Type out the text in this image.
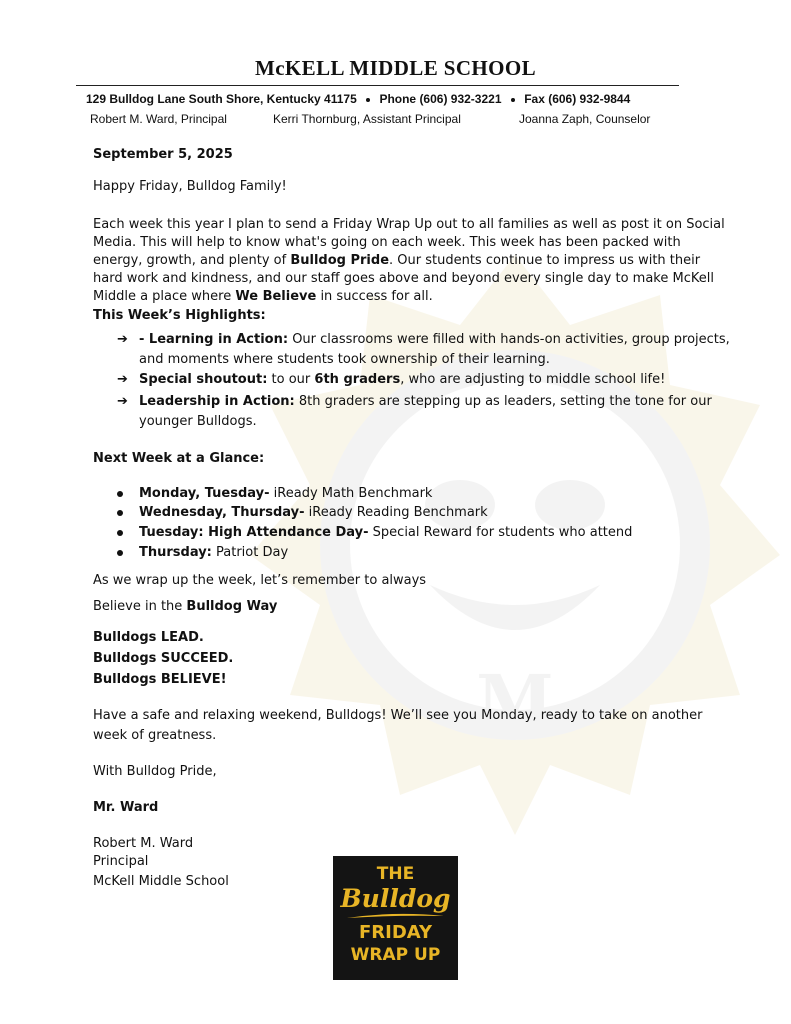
M
McKELL MIDDLE SCHOOL
129 Bulldog Lane South Shore, Kentucky 41175 Phone (606) 932-3221 Fax (606) 932-9844
Robert M. Ward, Principal	Kerri Thornburg, Assistant Principal	Joanna Zaph, Counselor
September 5, 2025
Happy Friday, Bulldog Family!
Each week this year I plan to send a Friday Wrap Up out to all families as well as post it on Social
Media. This will help to know what's going on each week. This week has been packed with
energy, growth, and plenty of Bulldog Pride. Our students continue to impress us with their
hard work and kindness, and our staff goes above and beyond every single day to make McKell
Middle a place where We Believe in success for all.
This Week’s Highlights:
➔ - Learning in Action: Our classrooms were filled with hands-on activities, group projects,
and moments where students took ownership of their learning.
➔ Special shoutout: to our 6th graders, who are adjusting to middle school life!
➔ Leadership in Action: 8th graders are stepping up as leaders, setting the tone for our
younger Bulldogs.
Next Week at a Glance:
Monday, Tuesday- iReady Math Benchmark
Wednesday, Thursday- iReady Reading Benchmark
Tuesday: High Attendance Day- Special Reward for students who attend
Thursday: Patriot Day
As we wrap up the week, let’s remember to always
Believe in the Bulldog Way
Bulldogs LEAD.
Bulldogs SUCCEED.
Bulldogs BELIEVE!
Have a safe and relaxing weekend, Bulldogs! We’ll see you Monday, ready to take on another
week of greatness.
With Bulldog Pride,
Mr. Ward
Robert M. Ward
Principal
McKell Middle School	THE
Bulldog
FRIDAY
WRAP UP
